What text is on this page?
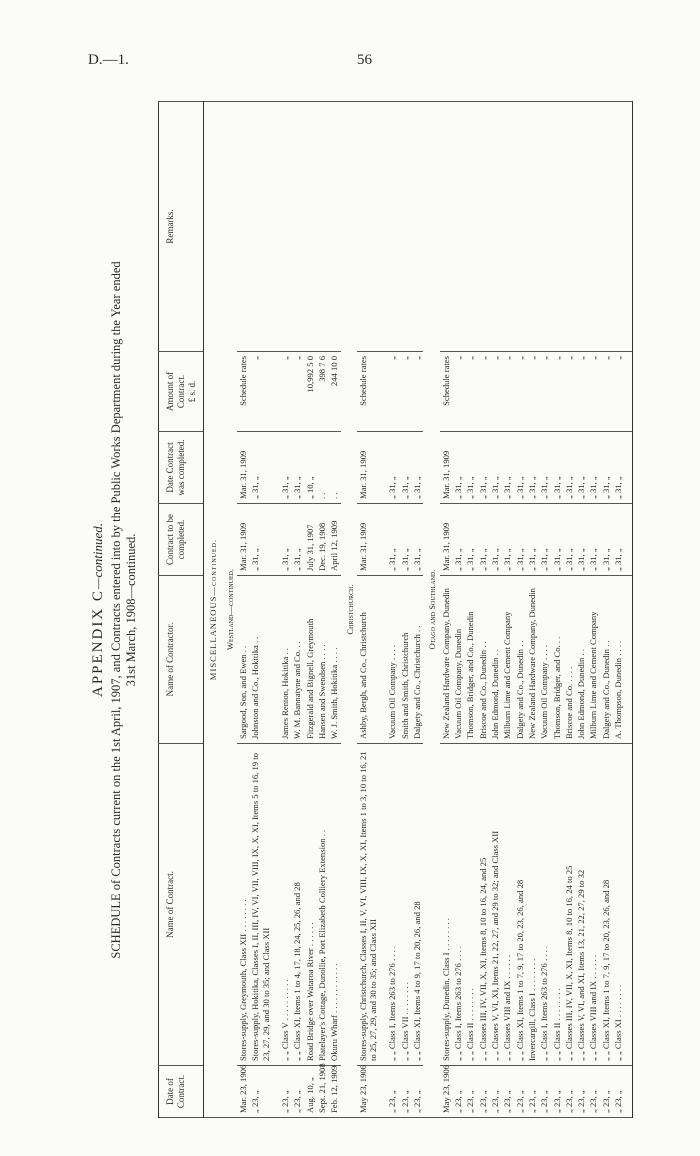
D.—1.	56
APPENDIX C—continued. SCHEDULE of Contracts current on the 1st April, 1907, and Contracts entered into by the Public Works Department during the Year ended 31st March, 1908—continued.
Date of Contract.	Name of Contract.	Name of Contractor.	Contract to be completed.	Date Contract was completed.	Amount of Contract.
£ s. d.	Remarks.
MISCELLANEOUS—continued.						
Westland—continued.						
Mar. 23, 1906	Stores-supply, Greymouth, Class XII . . . . . . . .	Sargood, Son, and Ewen . .	Mar. 31, 1909	Mar. 31, 1909	Schedule rates	
„ 23, „	Stores-supply, Hokitika, Classes I, II, III, IV, VI, VII, VIII, IX, X, XI, Items 5 to 16, 19 to 23, 27, 29, and 30 to 35; and Class XII	Johnston and Co., Hokitika . .	„ 31, „	„ 31, „	„	

„ 23, „	„ „ Class V . . . . . . . . . .	James Renton, Hokitika . .	„ 31, „	„ 31, „	„	
„ 23, „	„ „ Class XI, Items 1 to 4, 17, 18, 24, 25, 26, and 28	W. M. Bannatyne and Co. . .	„ 31, „	„ 31, „	„	
Aug. 10, „	Road Bridge over Wataroa River . . . . . .	Fitzgerald and Bignell, Greymouth	July 31, 1907	„ 10, „	10,992 5 0	
Sept. 21, 1908	Platelayer's Cottage, Dunollie, Port Elizabeth Colliery Extension . .	Hansen and Swendsen . . . .	Dec. 19, 1908	. .	398 7 6	
Feb. 12, 1909	Okuru Wharf . . . . . . . . . . . .	W. J. Smith, Hokitika . . . .	April 12, 1909	. .	244 10 0	
Christchurch.						
May 23, 1906	Stores-supply, Christchurch, Classes I, II, V, VI, VIII, IX, X, XI, Items 1 to 3, 10 to 16, 21 to 25, 27, 29, and 30 to 35; and Class XII	Ashby, Bergh, and Co., Christchurch	Mar. 31, 1909	Mar. 31, 1909	Schedule rates	

„ 23, „	„ „ Class I, Items 263 to 276 . . . .	Vacuum Oil Company . . . .	„ 31, „	„ 31, „	„	
„ 23, „	„ „ Class VII . . . . . . . .	Smith and Smith, Christchurch	„ 31, „	„ 31, „	„	
„ 23, „	„ „ Class XI, Items 4 to 9, 17 to 20, 26, and 28	Dalgety and Co., Christchurch . .	„ 31, „	„ 31, „	„	
Otago and Southland.						
May 23, 1906	Stores-supply, Dunedin, Class I . . . . . . . .	New Zealand Hardware Company, Dunedin	Mar. 31, 1909	Mar. 31, 1909	Schedule rates	
„ 23, „	„ „ Class I, Items 263 to 276 . . . .	Vacuum Oil Company, Dunedin	„ 31, „	„ 31, „	„	
„ 23, „	„ „ Class II . . . . . . . .	Thomson, Bridger, and Co., Dunedin	„ 31, „	„ 31, „	„	
„ 23, „	„ „ Classes III, IV, VII, X, XI, Items 8, 10 to 16, 24, and 25	Briscoe and Co., Dunedin . .	„ 31, „	„ 31, „	„	
„ 23, „	„ „ Classes V, VI, XI, Items 21, 22, 27, and 29 to 32; and Class XII	John Edmond, Dunedin . .	„ 31, „	„ 31, „	„	
„ 23, „	„ „ Classes VIII and IX . . . . . .	Milburn Lime and Cement Company	„ 31, „	„ 31, „	„	
„ 23, „	„ „ Class XI, Items 1 to 7, 9, 17 to 20, 23, 26, and 28	Dalgety and Co., Dunedin . .	„ 31, „	„ 31, „	„	
„ 23, „	Invercargill, Class I . . . . . . . .	New Zealand Hardware Company, Dunedin	„ 31, „	„ 31, „	„	
„ 23, „	„ „ Class I, Items 263 to 276 . . . .	Vacuum Oil Company . . . .	„ 31, „	„ 31, „	„	
„ 23, „	„ „ Class II . . . . . . . .	Thomson, Bridger, and Co. . .	„ 31, „	„ 31, „	„	
„ 23, „	„ „ Classes III, IV, VII, X, XI, Items 8, 10 to 16, 24 to 25	Briscoe and Co. . . . .	„ 31, „	„ 31, „	„	
„ 23, „	„ „ Classes V, VI, and XI, Items 13, 21, 22, 27, 29 to 32	John Edmond, Dunedin . .	„ 31, „	„ 31, „	„	
„ 23, „	„ „ Classes VIII and IX . . . . . .	Milburn Lime and Cement Company	„ 31, „	„ 31, „	„	
„ 23, „	„ „ Class XI, Items 1 to 7, 9, 17 to 20, 23, 26, and 28	Dalgety and Co., Dunedin . .	„ 31, „	„ 31, „	„	
„ 23, „	„ „ Class XI . . . . . . . .	A. Thompson, Dunedin . . . .	„ 31, „	„ 31, „	„	
